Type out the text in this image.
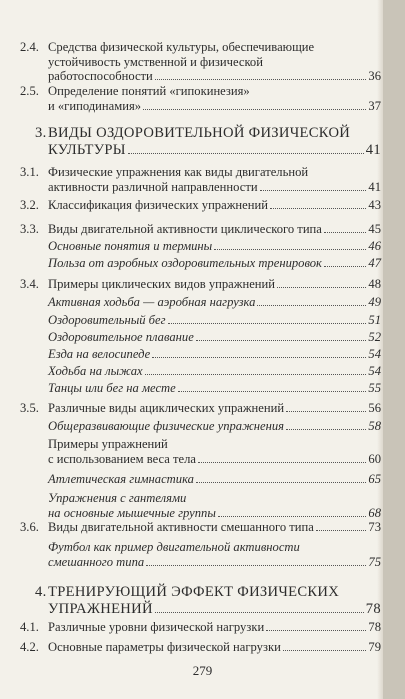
2.4. Средства физической культуры, обеспечивающие
устойчивость умственной и физической
работоспособности	36
2.5. Определение понятий «гипокинезия»
и «гиподинамия»	37
3. ВИДЫ ОЗДОРОВИТЕЛЬНОЙ ФИЗИЧЕСКОЙ
КУЛЬТУРЫ	41
3.1. Физические упражнения как виды двигательной
активности различной направленности	41
3.2. Классификация физических упражнений	43
3.3. Виды двигательной активности циклического типа	45
Основные понятия и термины	46
Польза от аэробных оздоровительных тренировок	47
3.4. Примеры циклических видов упражнений	48
Активная ходьба — аэробная нагрузка	49
Оздоровительный бег	51
Оздоровительное плавание	52
Езда на велосипеде	54
Ходьба на лыжах	54
Танцы или бег на месте	55
3.5. Различные виды ациклических упражнений	56
Общеразвивающие физические упражнения	58
Примеры упражнений
с использованием веса тела	60
Атлетическая гимнастика	65
Упражнения с гантелями
на основные мышечные группы	68
3.6. Виды двигательной активности смешанного типа	73
Футбол как пример двигательной активности
смешанного типа	75
4. ТРЕНИРУЮЩИЙ ЭФФЕКТ ФИЗИЧЕСКИХ
УПРАЖНЕНИЙ	78
4.1. Различные уровни физической нагрузки	78
4.2. Основные параметры физической нагрузки	79
279
